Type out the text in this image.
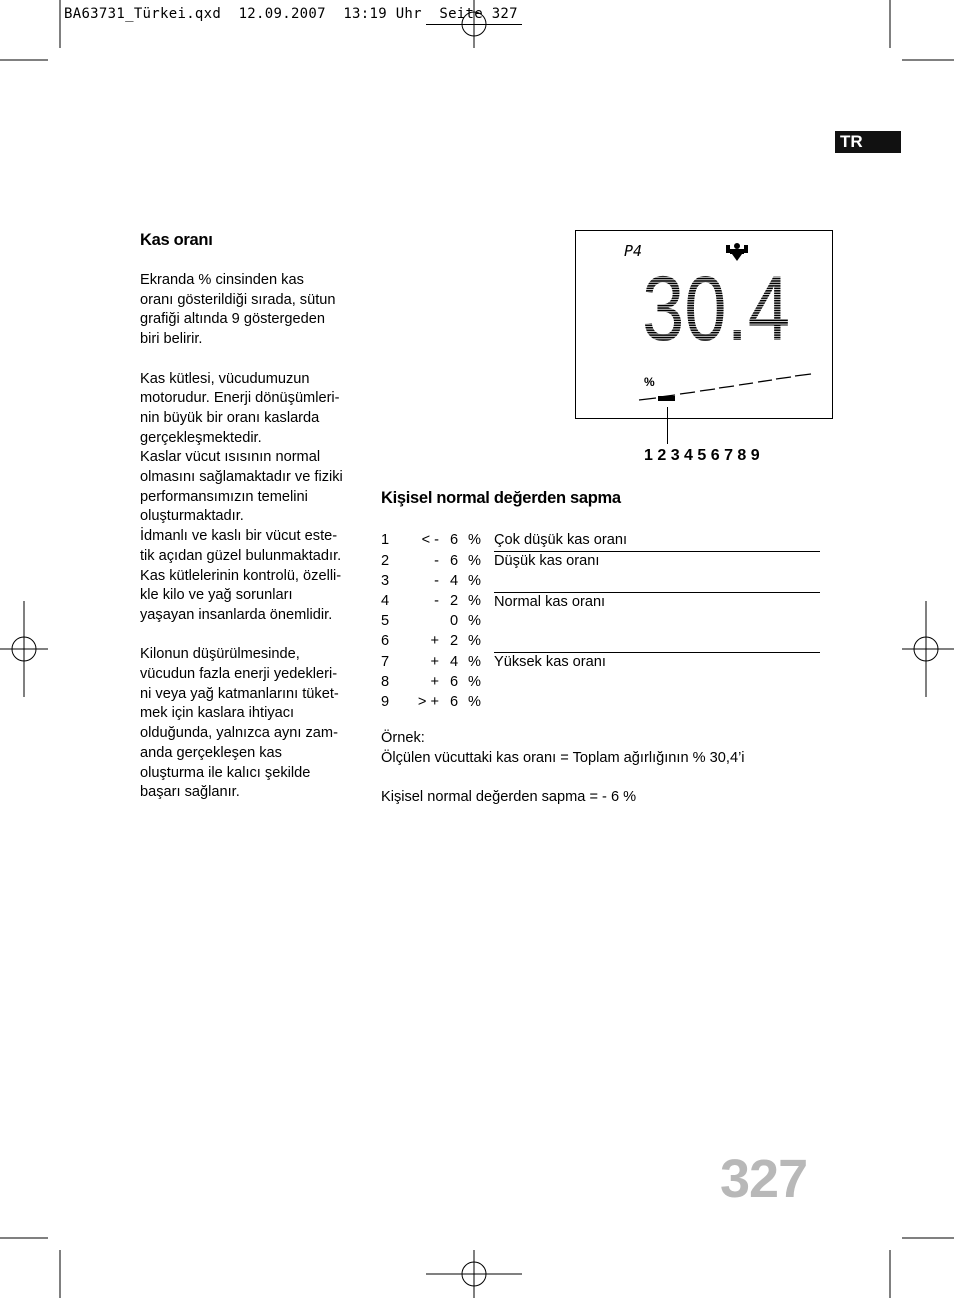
BA63731_Türkei.qxd  12.09.2007  13:19 Uhr  Seite 327
TR
Kas oranı

Ekranda % cinsinden kas
oranı gösterildiği sırada, sütun
grafiği altında 9 göstergeden
biri belirir.

Kas kütlesi, vücudumuzun
motorudur. Enerji dönüşümleri-
nin büyük bir oranı kaslarda
gerçekleşmektedir.
Kaslar vücut ısısının normal
olmasını sağlamaktadır ve fiziki
performansımızın temelini
oluşturmaktadır.
İdmanlı ve kaslı bir vücut este-
tik açıdan güzel bulunmaktadır.
Kas kütlelerinin kontrolü, özelli-
kle kilo ve yağ sorunları
yaşayan insanlarda önemlidir.

Kilonun düşürülmesinde,
vücudun fazla enerji yedekleri-
ni veya yağ katmanlarını tüket-
mek için kaslara ihtiyacı
olduğunda, yalnızca aynı zam-
anda gerçekleşen kas
oluşturma ile kalıcı şekilde
başarı sağlanır.

P4
30.4
%
1 2 3 4 5 6 7 8 9
Kişisel normal değerden sapma
1	< -	6	%	Çok düşük kas oranı
2	-	6	%	Düşük kas oranı
3	-	4	%	
4	-	2	%	Normal kas oranı
5		0	%	
6	+	2	%	
7	+	4	%	Yüksek kas oranı
8	+	6	%	
9	> +	6	%	
Örnek:
Ölçülen vücuttaki kas oranı = Toplam ağırlığının % 30,4’i
Kişisel normal değerden sapma = - 6 %
327
